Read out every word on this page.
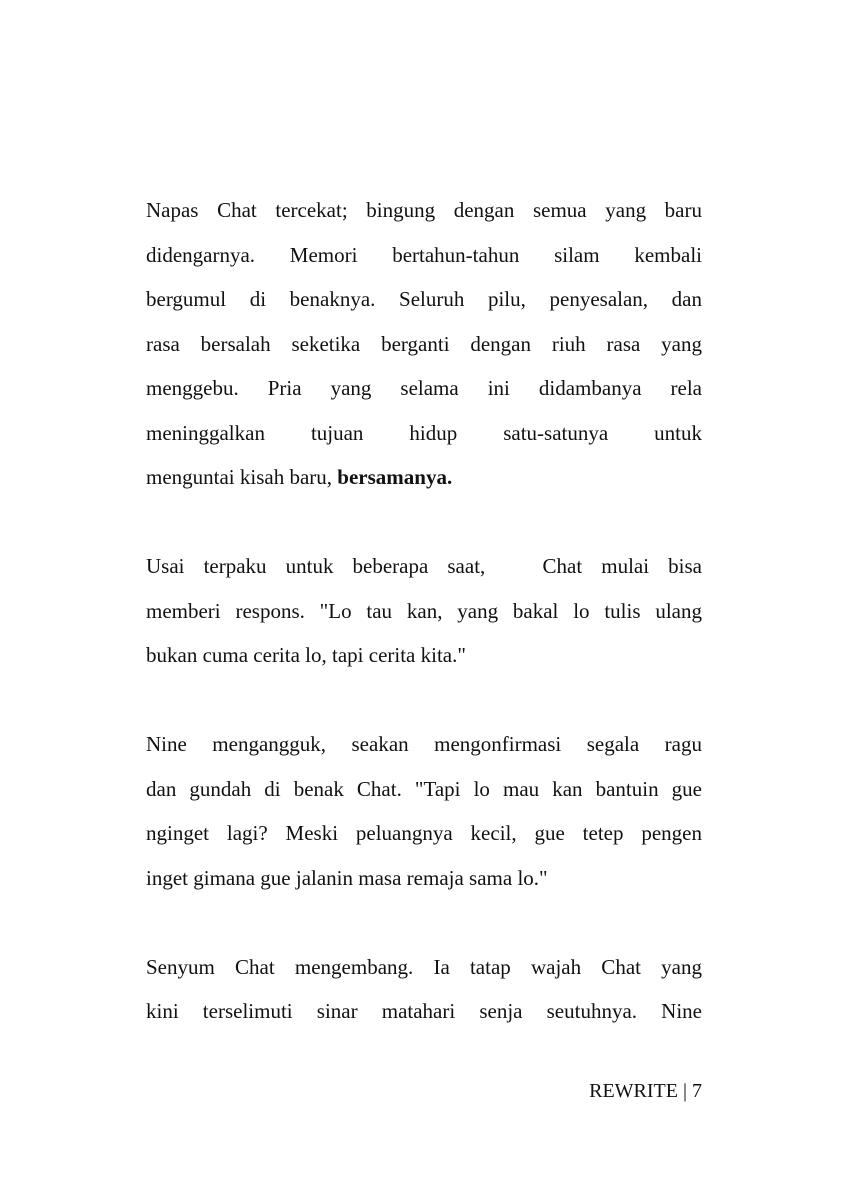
Napas Chat tercekat; bingung dengan semua yang baru
didengarnya. Memori bertahun-tahun silam kembali
bergumul di benaknya. Seluruh pilu, penyesalan, dan
rasa bersalah seketika berganti dengan riuh rasa yang
menggebu. Pria yang selama ini didambanya rela
meninggalkan tujuan hidup satu-satunya untuk
menguntai kisah baru, bersamanya.
Usai terpaku untuk beberapa saat,   Chat mulai bisa
memberi respons. "Lo tau kan, yang bakal lo tulis ulang
bukan cuma cerita lo, tapi cerita kita."
Nine mengangguk, seakan mengonfirmasi segala ragu
dan gundah di benak Chat. "Tapi lo mau kan bantuin gue
nginget lagi? Meski peluangnya kecil, gue tetep pengen
inget gimana gue jalanin masa remaja sama lo."
Senyum Chat mengembang. Ia tatap wajah Chat yang
kini terselimuti sinar matahari senja seutuhnya. Nine
REWRITE | 7
